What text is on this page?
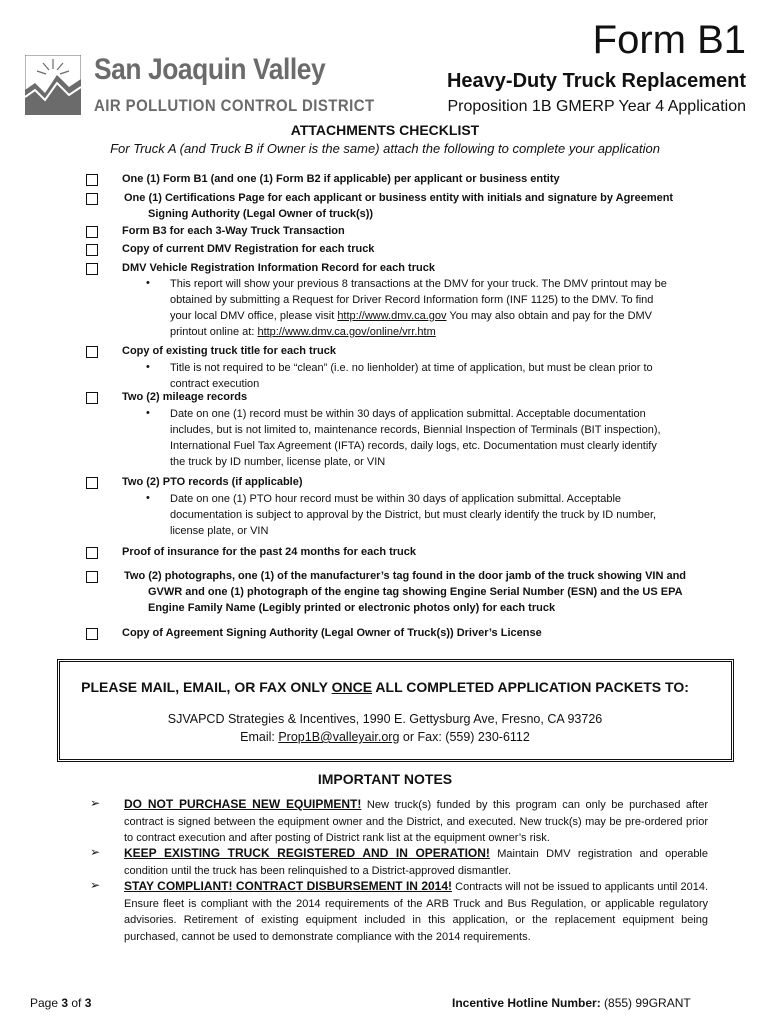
San Joaquin Valley
AIR POLLUTION CONTROL DISTRICT
Form B1
Heavy-Duty Truck Replacement
Proposition 1B GMERP Year 4 Application
ATTACHMENTS CHECKLIST
For Truck A (and Truck B if Owner is the same) attach the following to complete your application
One (1) Form B1 (and one (1) Form B2 if applicable) per applicant or business entity
One (1) Certifications Page for each applicant or business entity with initials and signature by Agreement
Signing Authority (Legal Owner of truck(s))
Form B3 for each 3-Way Truck Transaction
Copy of current DMV Registration for each truck
DMV Vehicle Registration Information Record for each truck
• This report will show your previous 8 transactions at the DMV for your truck. The DMV printout may be
obtained by submitting a Request for Driver Record Information form (INF 1125) to the DMV. To find
your local DMV office, please visit http://www.dmv.ca.gov You may also obtain and pay for the DMV
printout online at: http://www.dmv.ca.gov/online/vrr.htm
Copy of existing truck title for each truck
• Title is not required to be “clean” (i.e. no lienholder) at time of application, but must be clean prior to
contract execution
Two (2) mileage records
• Date on one (1) record must be within 30 days of application submittal. Acceptable documentation
includes, but is not limited to, maintenance records, Biennial Inspection of Terminals (BIT inspection),
International Fuel Tax Agreement (IFTA) records, daily logs, etc. Documentation must clearly identify
the truck by ID number, license plate, or VIN
Two (2) PTO records (if applicable)
• Date on one (1) PTO hour record must be within 30 days of application submittal. Acceptable
documentation is subject to approval by the District, but must clearly identify the truck by ID number,
license plate, or VIN
Proof of insurance for the past 24 months for each truck
Two (2) photographs, one (1) of the manufacturer’s tag found in the door jamb of the truck showing VIN and
GVWR and one (1) photograph of the engine tag showing Engine Serial Number (ESN) and the US EPA
Engine Family Name (Legibly printed or electronic photos only) for each truck
Copy of Agreement Signing Authority (Legal Owner of Truck(s)) Driver’s License
PLEASE MAIL, EMAIL, OR FAX ONLY ONCE ALL COMPLETED APPLICATION PACKETS TO:
SJVAPCD Strategies & Incentives, 1990 E. Gettysburg Ave, Fresno, CA 93726
Email: Prop1B@valleyair.org or Fax: (559) 230-6112
IMPORTANT NOTES
➢ DO NOT PURCHASE NEW EQUIPMENT! New truck(s) funded by this program can only be purchased after contract is signed between the equipment owner and the District, and executed. New truck(s) may be pre-ordered prior to contract execution and after posting of District rank list at the equipment owner’s risk.
➢ KEEP EXISTING TRUCK REGISTERED AND IN OPERATION! Maintain DMV registration and operable condition until the truck has been relinquished to a District-approved dismantler.
➢ STAY COMPLIANT! CONTRACT DISBURSEMENT IN 2014! Contracts will not be issued to applicants until 2014. Ensure fleet is compliant with the 2014 requirements of the ARB Truck and Bus Regulation, or applicable regulatory advisories. Retirement of existing equipment included in this application, or the replacement equipment being purchased, cannot be used to demonstrate compliance with the 2014 requirements.
Page 3 of 3	Incentive Hotline Number: (855) 99GRANT
